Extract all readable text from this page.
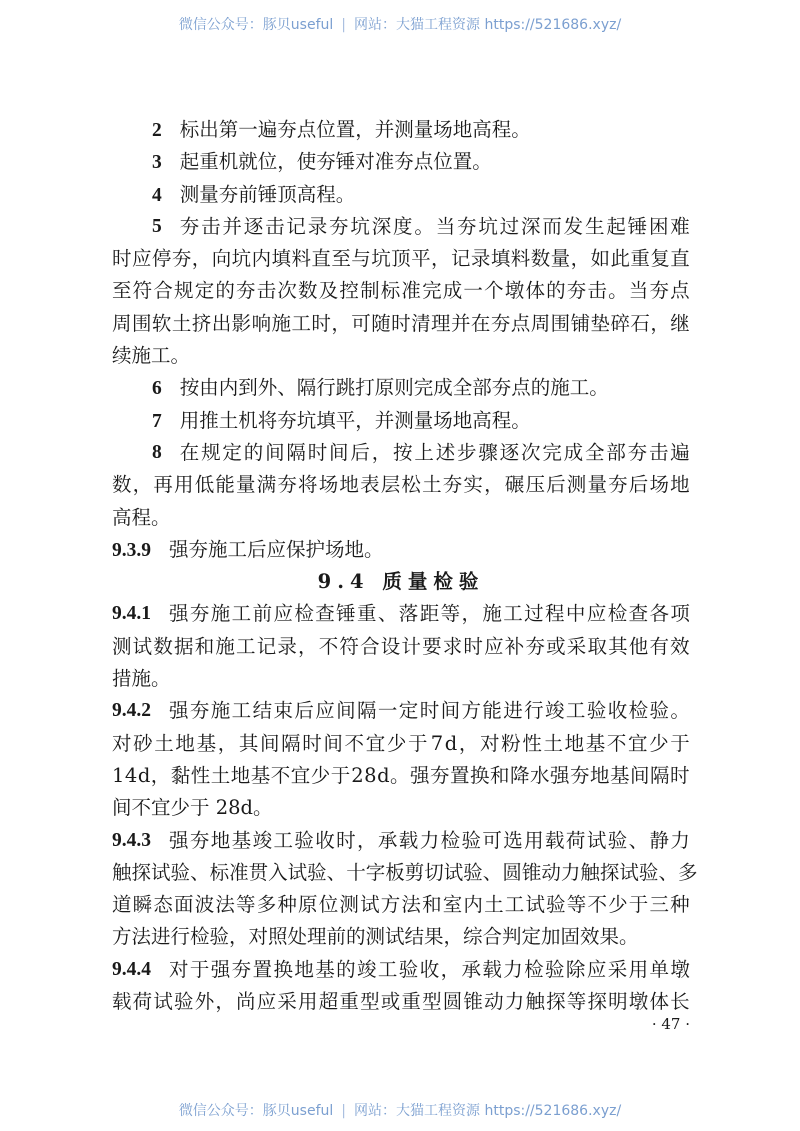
微信公众号：豚贝useful | 网站：大猫工程资源 https://521686.xyz/
2 标出第一遍夯点位置，并测量场地高程。
3 起重机就位，使夯锤对准夯点位置。
4 测量夯前锤顶高程。
5 夯 击 并 逐 击 记 录 夯 坑 深 度 。 当 夯 坑 过 深 而 发 生 起 锤 困 难
时 应 停 夯 ， 向 坑 内 填 料 直 至 与 坑 顶 平 ， 记 录 填 料 数 量 ， 如 此 重 复 直
至 符 合 规 定 的 夯 击 次 数 及 控 制 标 准 完 成 一 个 墩 体 的 夯 击 。 当 夯 点
周 围 软 土 挤 出 影 响 施 工 时 ， 可 随 时 清 理 并 在 夯 点 周 围 铺 垫 碎 石 ， 继
续施工。
6 按由内到外、隔行跳打原则完成全部夯点的施工。
7 用推土机将夯坑填平，并测量场地高程。
8 在 规 定 的 间 隔 时 间 后 ， 按 上 述 步 骤 逐 次 完 成 全 部 夯 击 遍
数 ， 再 用 低 能 量 满 夯 将 场 地 表 层 松 土 夯 实 ， 碾 压 后 测 量 夯 后 场 地
高程。
9.3.9 强夯施工后应保护场地。
9.4 质量检验
9.4.1 强 夯 施 工 前 应 检 查 锤 重 、 落 距 等 ， 施 工 过 程 中 应 检 查 各 项
测 试 数 据 和 施 工 记 录 ， 不 符 合 设 计 要 求 时 应 补 夯 或 采 取 其 他 有 效
措施。
9.4.2 强 夯 施 工 结 束 后 应 间 隔 一 定 时 间 方 能 进 行 竣 工 验 收 检 验 。
对 砂 土 地 基 ， 其 间 隔 时 间 不 宜 少 于 7 d ， 对 粉 性 土 地 基 不 宜 少 于
1 4 d ， 黏 性 土 地 基 不 宜 少 于 2 8 d 。 强 夯 置 换 和 降 水 强 夯 地 基 间 隔 时
间不宜少于 28d。
9.4.3 强 夯 地 基 竣 工 验 收 时 ， 承 载 力 检 验 可 选 用 载 荷 试 验 、 静 力
触 探 试 验 、 标 准 贯 入 试 验 、 十 字 板 剪 切 试 验 、 圆 锥 动 力 触 探 试 验 、 多
道 瞬 态 面 波 法 等 多 种 原 位 测 试 方 法 和 室 内 土 工 试 验 等 不 少 于 三 种
方法进行检验，对照处理前的测试结果，综合判定加固效果。
9.4.4 对 于 强 夯 置 换 地 基 的 竣 工 验 收 ， 承 载 力 检 验 除 应 采 用 单 墩
载 荷 试 验 外 ， 尚 应 采 用 超 重 型 或 重 型 圆 锥 动 力 触 探 等 探 明 墩 体 长
· 47 ·
微信公众号：豚贝useful | 网站：大猫工程资源 https://521686.xyz/
